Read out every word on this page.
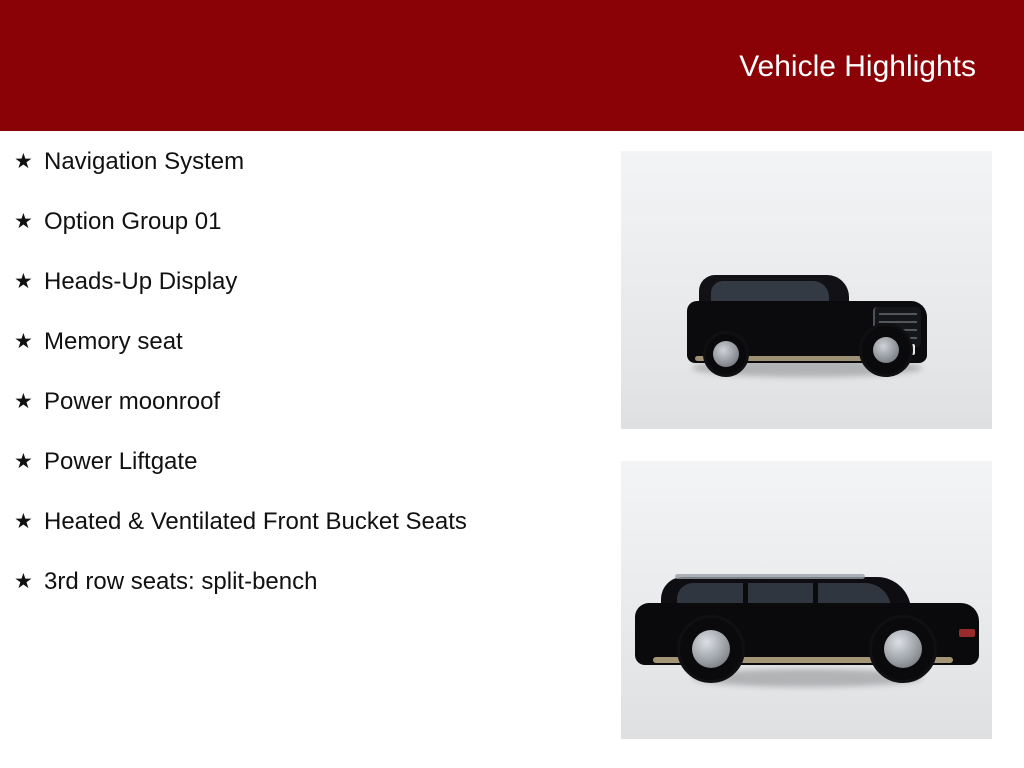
Vehicle Highlights
★ Navigation System
★ Option Group 01
★ Heads-Up Display
★ Memory seat
★ Power moonroof
★ Power Liftgate
★ Heated & Ventilated Front Bucket Seats
★ 3rd row seats: split-bench
